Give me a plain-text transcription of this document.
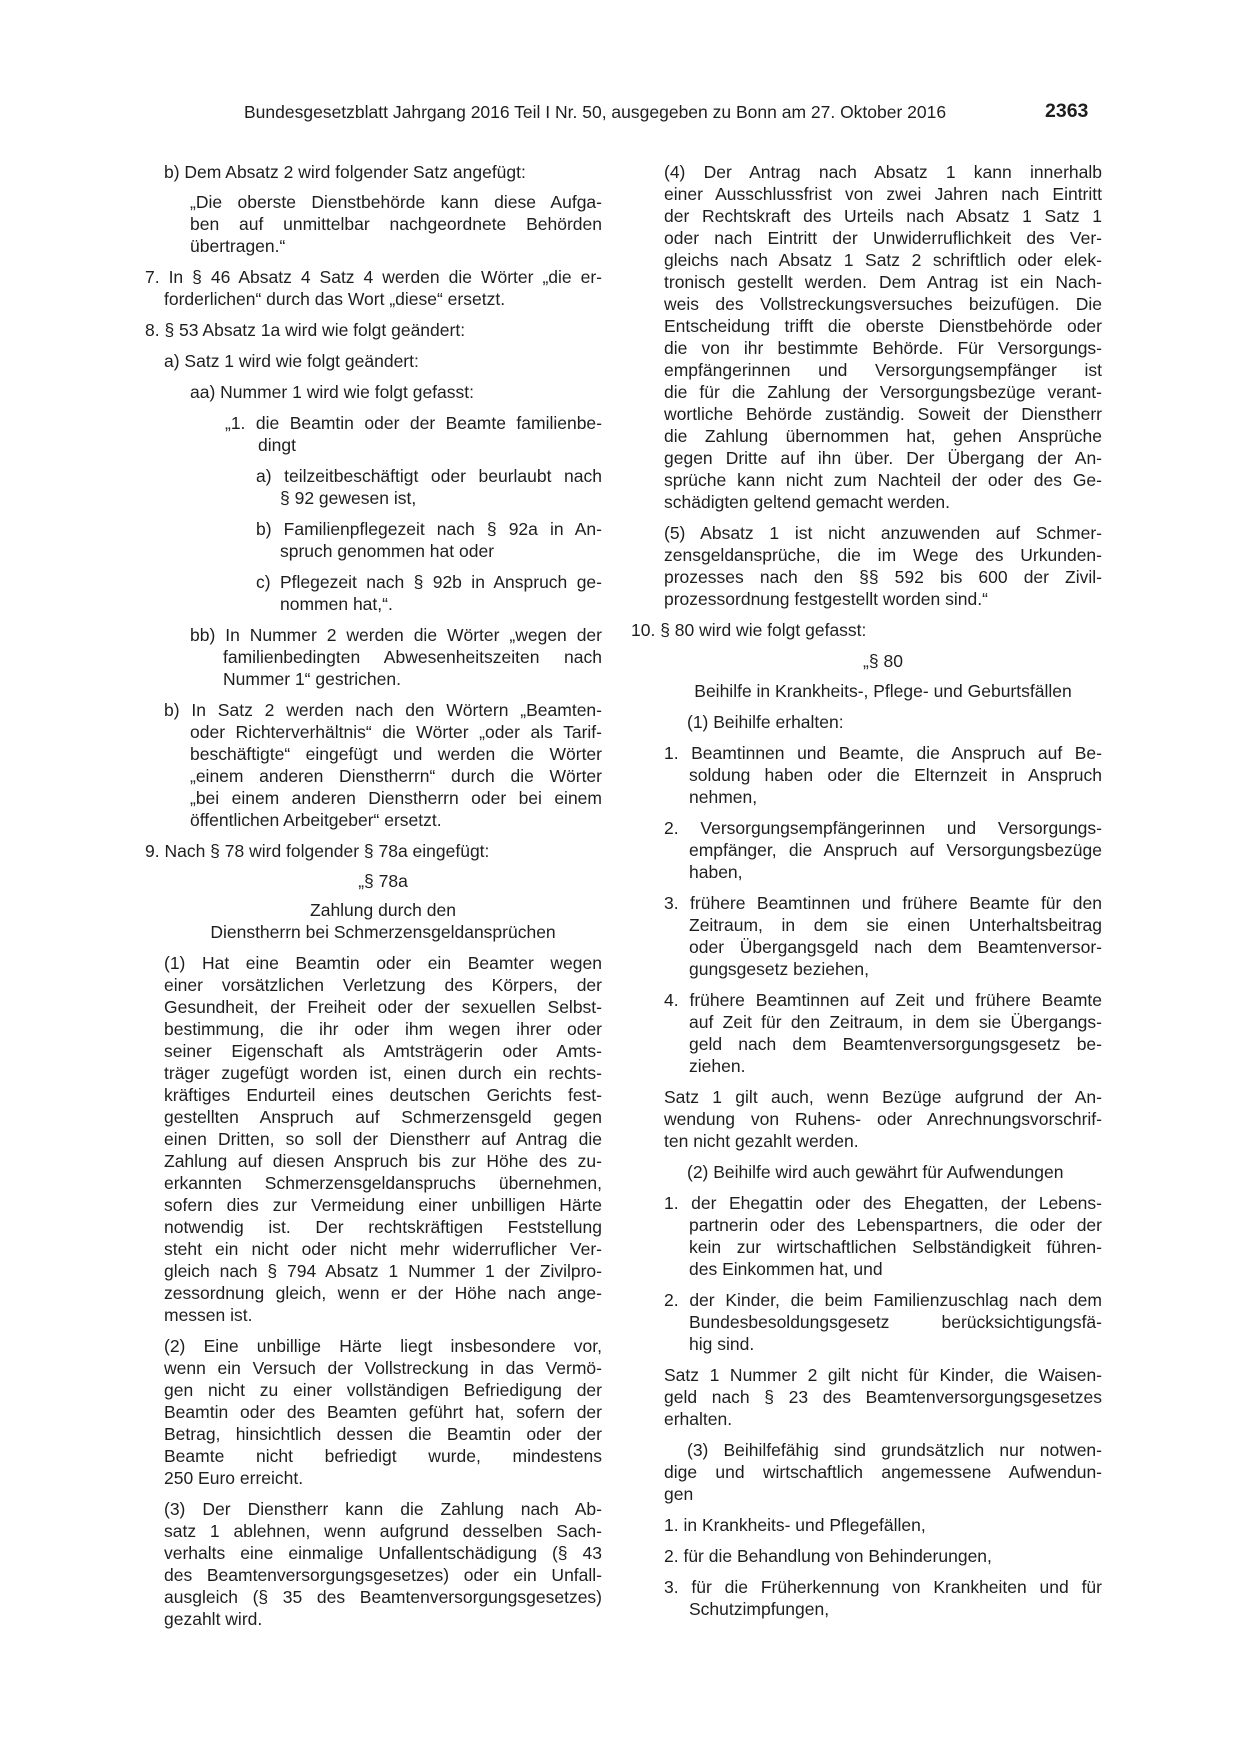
Bundesgesetzblatt Jahrgang 2016 Teil I Nr. 50, ausgegeben zu Bonn am 27. Oktober 2016	2363
b) Dem Absatz 2 wird folgender Satz angefügt:
„Die oberste Dienstbehörde kann diese Aufga-
ben auf unmittelbar nachgeordnete Behörden
übertragen.“
7. In § 46 Absatz 4 Satz 4 werden die Wörter „die er-
forderlichen“ durch das Wort „diese“ ersetzt.
8. § 53 Absatz 1a wird wie folgt geändert:
a) Satz 1 wird wie folgt geändert:
aa) Nummer 1 wird wie folgt gefasst:
„1. die Beamtin oder der Beamte familienbe-
dingt
a) teilzeitbeschäftigt oder beurlaubt nach
§ 92 gewesen ist,
b) Familienpflegezeit nach § 92a in An-
spruch genommen hat oder
c) Pflegezeit nach § 92b in Anspruch ge-
nommen hat,“.
bb) In Nummer 2 werden die Wörter „wegen der
familienbedingten Abwesenheitszeiten nach
Nummer 1“ gestrichen.
b) In Satz 2 werden nach den Wörtern „Beamten-
oder Richterverhältnis“ die Wörter „oder als Tarif-
beschäftigte“ eingefügt und werden die Wörter
„einem anderen Dienstherrn“ durch die Wörter
„bei einem anderen Dienstherrn oder bei einem
öffentlichen Arbeitgeber“ ersetzt.
9. Nach § 78 wird folgender § 78a eingefügt:
„§ 78a
Zahlung durch den
Dienstherrn bei Schmerzensgeldansprüchen
(1) Hat eine Beamtin oder ein Beamter wegen
einer vorsätzlichen Verletzung des Körpers, der
Gesundheit, der Freiheit oder der sexuellen Selbst-
bestimmung, die ihr oder ihm wegen ihrer oder
seiner Eigenschaft als Amtsträgerin oder Amts-
träger zugefügt worden ist, einen durch ein rechts-
kräftiges Endurteil eines deutschen Gerichts fest-
gestellten Anspruch auf Schmerzensgeld gegen
einen Dritten, so soll der Dienstherr auf Antrag die
Zahlung auf diesen Anspruch bis zur Höhe des zu-
erkannten Schmerzensgeldanspruchs übernehmen,
sofern dies zur Vermeidung einer unbilligen Härte
notwendig ist. Der rechtskräftigen Feststellung
steht ein nicht oder nicht mehr widerruflicher Ver-
gleich nach § 794 Absatz 1 Nummer 1 der Zivilpro-
zessordnung gleich, wenn er der Höhe nach ange-
messen ist.
(2) Eine unbillige Härte liegt insbesondere vor,
wenn ein Versuch der Vollstreckung in das Vermö-
gen nicht zu einer vollständigen Befriedigung der
Beamtin oder des Beamten geführt hat, sofern der
Betrag, hinsichtlich dessen die Beamtin oder der
Beamte nicht befriedigt wurde, mindestens
250 Euro erreicht.
(3) Der Dienstherr kann die Zahlung nach Ab-
satz 1 ablehnen, wenn aufgrund desselben Sach-
verhalts eine einmalige Unfallentschädigung (§ 43
des Beamtenversorgungsgesetzes) oder ein Unfall-
ausgleich (§ 35 des Beamtenversorgungsgesetzes)
gezahlt wird.
(4) Der Antrag nach Absatz 1 kann innerhalb
einer Ausschlussfrist von zwei Jahren nach Eintritt
der Rechtskraft des Urteils nach Absatz 1 Satz 1
oder nach Eintritt der Unwiderruflichkeit des Ver-
gleichs nach Absatz 1 Satz 2 schriftlich oder elek-
tronisch gestellt werden. Dem Antrag ist ein Nach-
weis des Vollstreckungsversuches beizufügen. Die
Entscheidung trifft die oberste Dienstbehörde oder
die von ihr bestimmte Behörde. Für Versorgungs-
empfängerinnen und Versorgungsempfänger ist
die für die Zahlung der Versorgungsbezüge verant-
wortliche Behörde zuständig. Soweit der Dienstherr
die Zahlung übernommen hat, gehen Ansprüche
gegen Dritte auf ihn über. Der Übergang der An-
sprüche kann nicht zum Nachteil der oder des Ge-
schädigten geltend gemacht werden.
(5) Absatz 1 ist nicht anzuwenden auf Schmer-
zensgeldansprüche, die im Wege des Urkunden-
prozesses nach den §§ 592 bis 600 der Zivil-
prozessordnung festgestellt worden sind.“
10. § 80 wird wie folgt gefasst:
„§ 80
Beihilfe in Krankheits-, Pflege- und Geburtsfällen
(1) Beihilfe erhalten:
1. Beamtinnen und Beamte, die Anspruch auf Be-
soldung haben oder die Elternzeit in Anspruch
nehmen,
2. Versorgungsempfängerinnen und Versorgungs-
empfänger, die Anspruch auf Versorgungsbezüge
haben,
3. frühere Beamtinnen und frühere Beamte für den
Zeitraum, in dem sie einen Unterhaltsbeitrag
oder Übergangsgeld nach dem Beamtenversor-
gungsgesetz beziehen,
4. frühere Beamtinnen auf Zeit und frühere Beamte
auf Zeit für den Zeitraum, in dem sie Übergangs-
geld nach dem Beamtenversorgungsgesetz be-
ziehen.
Satz 1 gilt auch, wenn Bezüge aufgrund der An-
wendung von Ruhens- oder Anrechnungsvorschrif-
ten nicht gezahlt werden.
(2) Beihilfe wird auch gewährt für Aufwendungen
1. der Ehegattin oder des Ehegatten, der Lebens-
partnerin oder des Lebenspartners, die oder der
kein zur wirtschaftlichen Selbständigkeit führen-
des Einkommen hat, und
2. der Kinder, die beim Familienzuschlag nach dem
Bundesbesoldungsgesetz berücksichtigungsfä-
hig sind.
Satz 1 Nummer 2 gilt nicht für Kinder, die Waisen-
geld nach § 23 des Beamtenversorgungsgesetzes
erhalten.
(3) Beihilfefähig sind grundsätzlich nur notwen-
dige und wirtschaftlich angemessene Aufwendun-
gen
1. in Krankheits- und Pflegefällen,
2. für die Behandlung von Behinderungen,
3. für die Früherkennung von Krankheiten und für
Schutzimpfungen,
